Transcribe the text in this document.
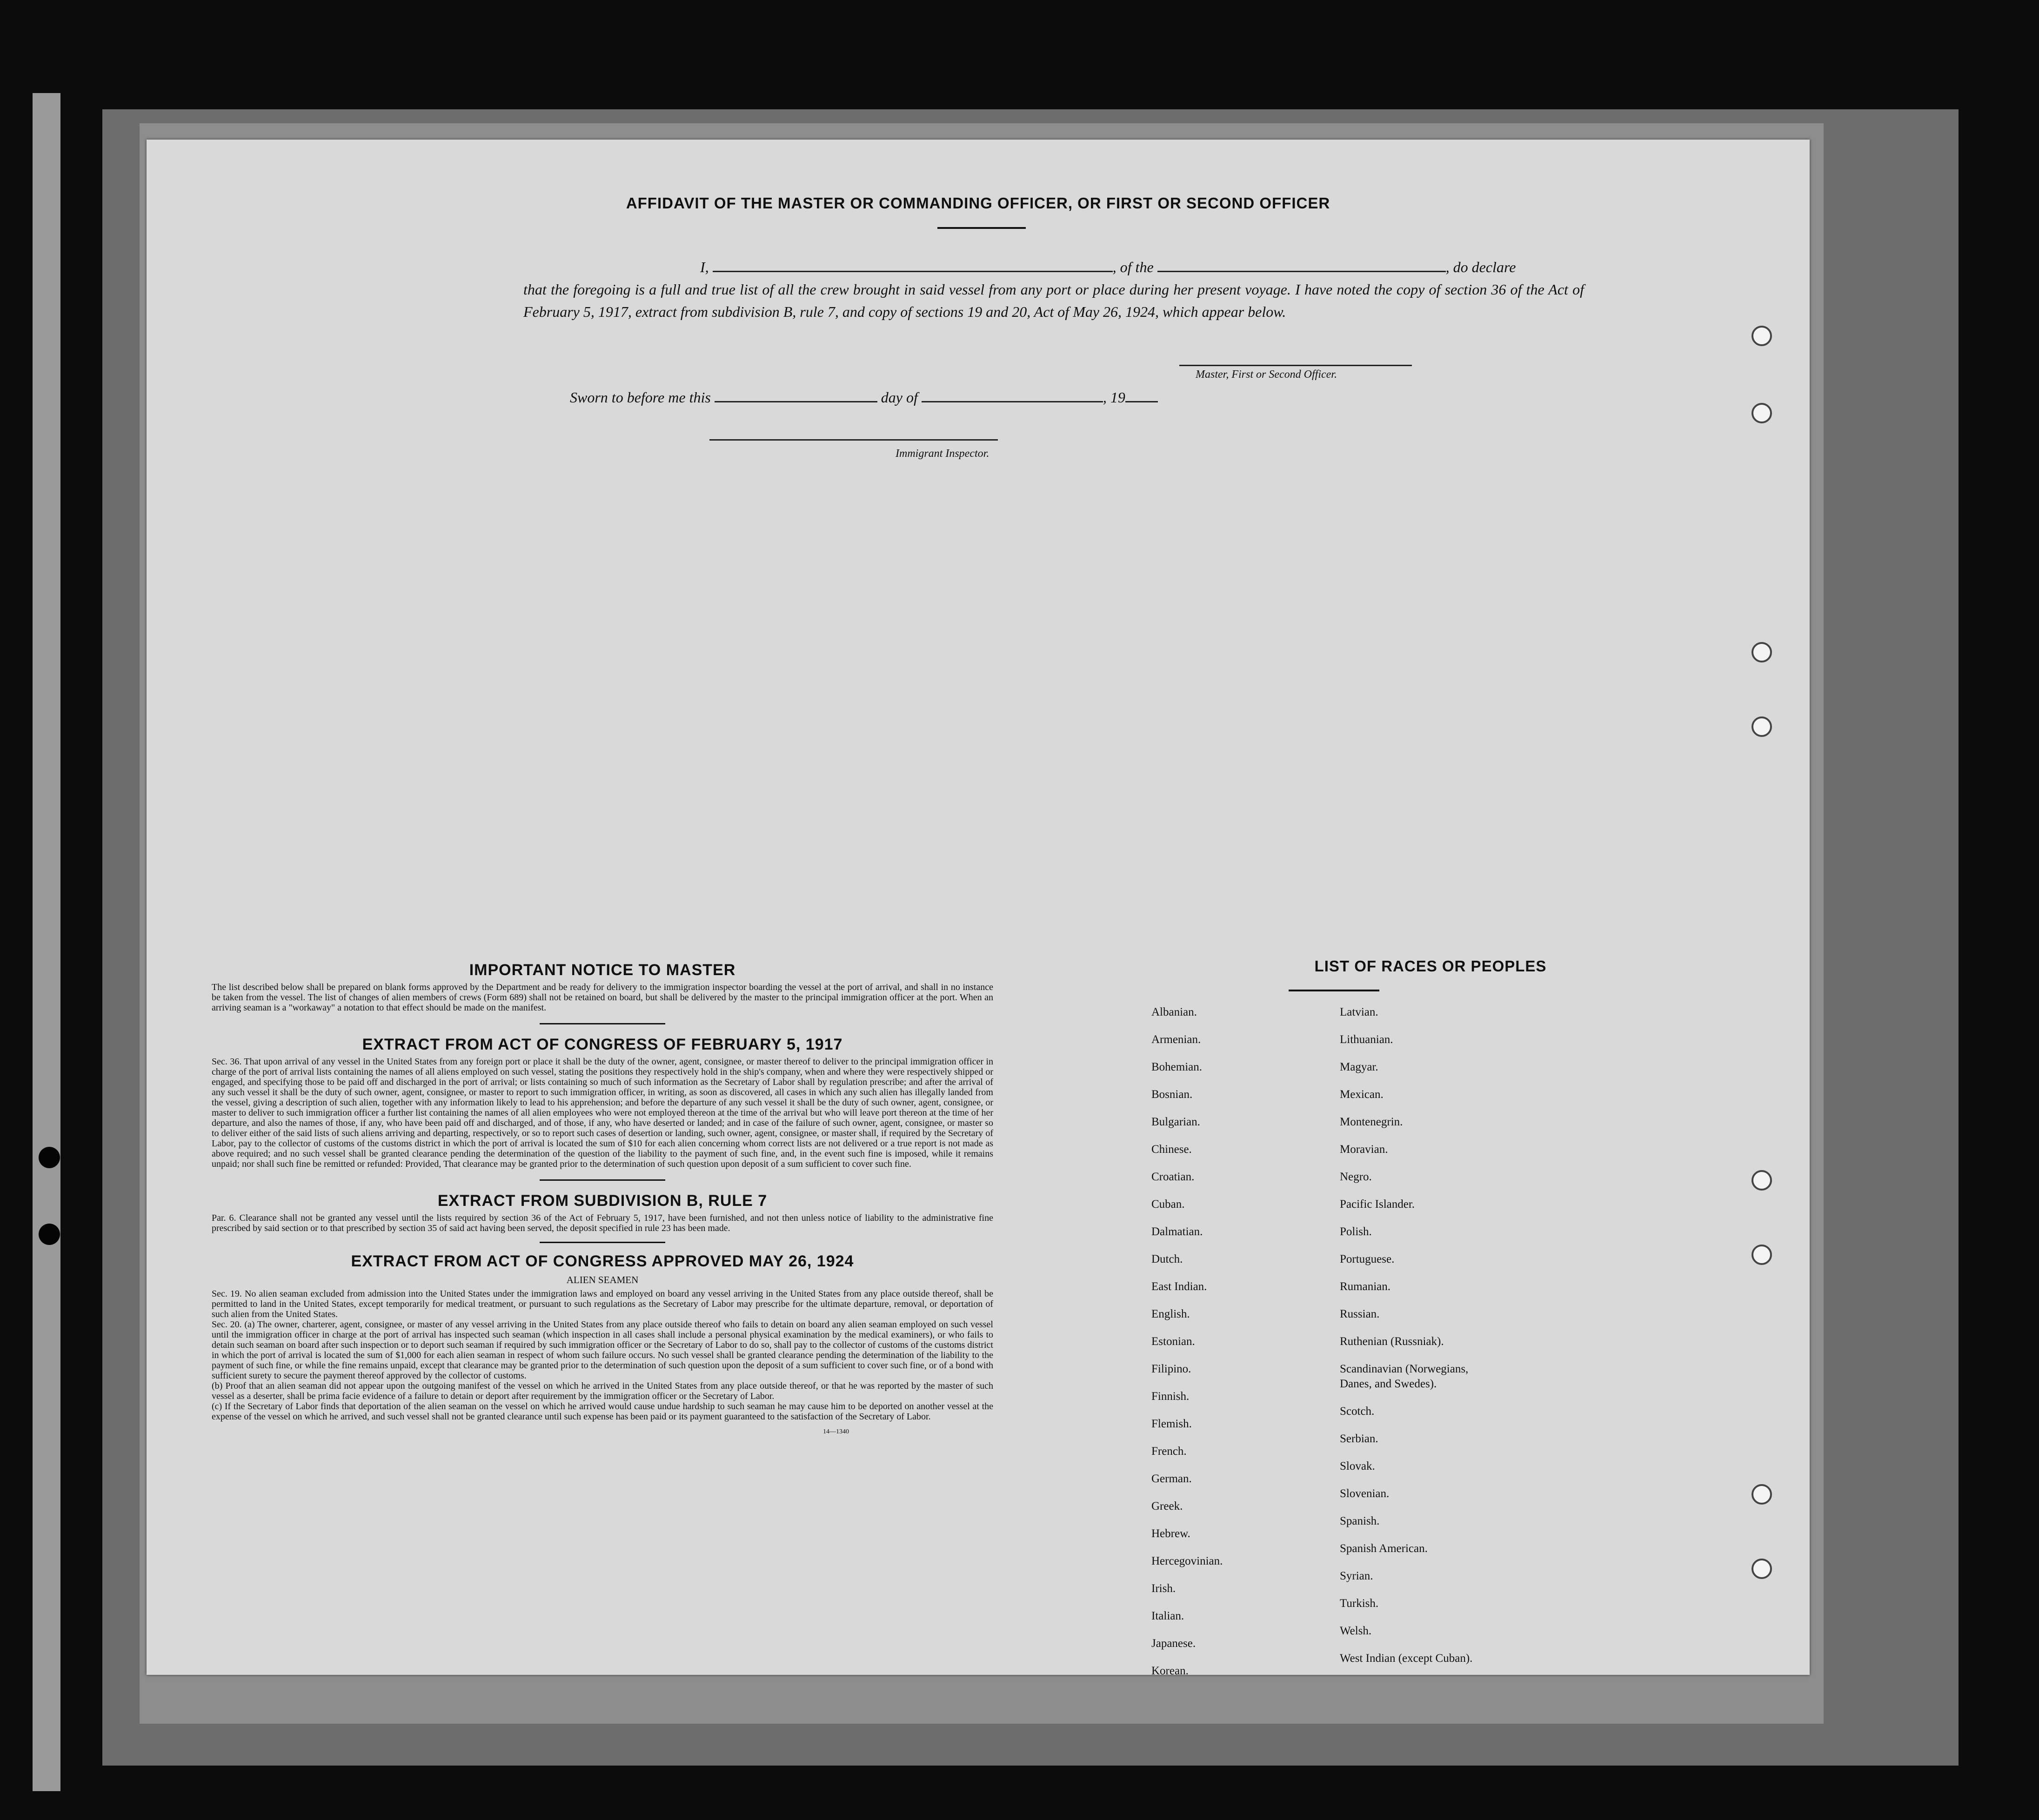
AFFIDAVIT OF THE MASTER OR COMMANDING OFFICER, OR FIRST OR SECOND OFFICER
I,	, of the	, do declare
that the foregoing is a full and true list of all the crew brought in said vessel from any port or place during her present voyage. I have noted the copy of section 36 of the Act of February 5, 1917, extract from subdivision B, rule 7, and copy of sections 19 and 20, Act of May 26, 1924, which appear below.
Master, First or Second Officer.
Sworn to before me this	day of	, 19
Immigrant Inspector.
IMPORTANT NOTICE TO MASTER

The list described below shall be prepared on blank forms approved by the Department and be ready for delivery to the immigration inspector boarding the vessel at the port of arrival, and shall in no instance be taken from the vessel. The list of changes of alien members of crews (Form 689) shall not be retained on board, but shall be delivered by the master to the principal immigration officer at the port. When an arriving seaman is a "workaway" a notation to that effect should be made on the manifest.

EXTRACT FROM ACT OF CONGRESS OF FEBRUARY 5, 1917

Sec. 36. That upon arrival of any vessel in the United States from any foreign port or place it shall be the duty of the owner, agent, consignee, or master thereof to deliver to the principal immigration officer in charge of the port of arrival lists containing the names of all aliens employed on such vessel, stating the positions they respectively hold in the ship's company, when and where they were respectively shipped or engaged, and specifying those to be paid off and discharged in the port of arrival; or lists containing so much of such information as the Secretary of Labor shall by regulation prescribe; and after the arrival of any such vessel it shall be the duty of such owner, agent, consignee, or master to report to such immigration officer, in writing, as soon as discovered, all cases in which any such alien has illegally landed from the vessel, giving a description of such alien, together with any information likely to lead to his apprehension; and before the departure of any such vessel it shall be the duty of such owner, agent, consignee, or master to deliver to such immigration officer a further list containing the names of all alien employees who were not employed thereon at the time of the arrival but who will leave port thereon at the time of her departure, and also the names of those, if any, who have been paid off and discharged, and of those, if any, who have deserted or landed; and in case of the failure of such owner, agent, consignee, or master so to deliver either of the said lists of such aliens arriving and departing, respectively, or so to report such cases of desertion or landing, such owner, agent, consignee, or master shall, if required by the Secretary of Labor, pay to the collector of customs of the customs district in which the port of arrival is located the sum of $10 for each alien concerning whom correct lists are not delivered or a true report is not made as above required; and no such vessel shall be granted clearance pending the determination of the question of the liability to the payment of such fine, and, in the event such fine is imposed, while it remains unpaid; nor shall such fine be remitted or refunded: Provided, That clearance may be granted prior to the determination of such question upon deposit of a sum sufficient to cover such fine.

EXTRACT FROM SUBDIVISION B, RULE 7

Par. 6. Clearance shall not be granted any vessel until the lists required by section 36 of the Act of February 5, 1917, have been furnished, and not then unless notice of liability to the administrative fine prescribed by said section or to that prescribed by section 35 of said act having been served, the deposit specified in rule 23 has been made.

EXTRACT FROM ACT OF CONGRESS APPROVED MAY 26, 1924
ALIEN SEAMEN

Sec. 19. No alien seaman excluded from admission into the United States under the immigration laws and employed on board any vessel arriving in the United States from any place outside thereof, shall be permitted to land in the United States, except temporarily for medical treatment, or pursuant to such regulations as the Secretary of Labor may prescribe for the ultimate departure, removal, or deportation of such alien from the United States.

Sec. 20. (a) The owner, charterer, agent, consignee, or master of any vessel arriving in the United States from any place outside thereof who fails to detain on board any alien seaman employed on such vessel until the immigration officer in charge at the port of arrival has inspected such seaman (which inspection in all cases shall include a personal physical examination by the medical examiners), or who fails to detain such seaman on board after such inspection or to deport such seaman if required by such immigration officer or the Secretary of Labor to do so, shall pay to the collector of customs of the customs district in which the port of arrival is located the sum of $1,000 for each alien seaman in respect of whom such failure occurs. No such vessel shall be granted clearance pending the determination of the liability to the payment of such fine, or while the fine remains unpaid, except that clearance may be granted prior to the determination of such question upon the deposit of a sum sufficient to cover such fine, or of a bond with sufficient surety to secure the payment thereof approved by the collector of customs.

(b) Proof that an alien seaman did not appear upon the outgoing manifest of the vessel on which he arrived in the United States from any place outside thereof, or that he was reported by the master of such vessel as a deserter, shall be prima facie evidence of a failure to detain or deport after requirement by the immigration officer or the Secretary of Labor.

(c) If the Secretary of Labor finds that deportation of the alien seaman on the vessel on which he arrived would cause undue hardship to such seaman he may cause him to be deported on another vessel at the expense of the vessel on which he arrived, and such vessel shall not be granted clearance until such expense has been paid or its payment guaranteed to the satisfaction of the Secretary of Labor.

14—1340
LIST OF RACES OR PEOPLES
Albanian.
Armenian.
Bohemian.
Bosnian.
Bulgarian.
Chinese.
Croatian.
Cuban.
Dalmatian.
Dutch.
East Indian.
English.
Estonian.
Filipino.
Finnish.
Flemish.
French.
German.
Greek.
Hebrew.
Hercegovinian.
Irish.
Italian.
Japanese.
Korean.
Latvian.
Lithuanian.
Magyar.
Mexican.
Montenegrin.
Moravian.
Negro.
Pacific Islander.
Polish.
Portuguese.
Rumanian.
Russian.
Ruthenian (Russniak).
Scandinavian (Norwegians,
Danes, and Swedes).
Scotch.
Serbian.
Slovak.
Slovenian.
Spanish.
Spanish American.
Syrian.
Turkish.
Welsh.
West Indian (except Cuban).
